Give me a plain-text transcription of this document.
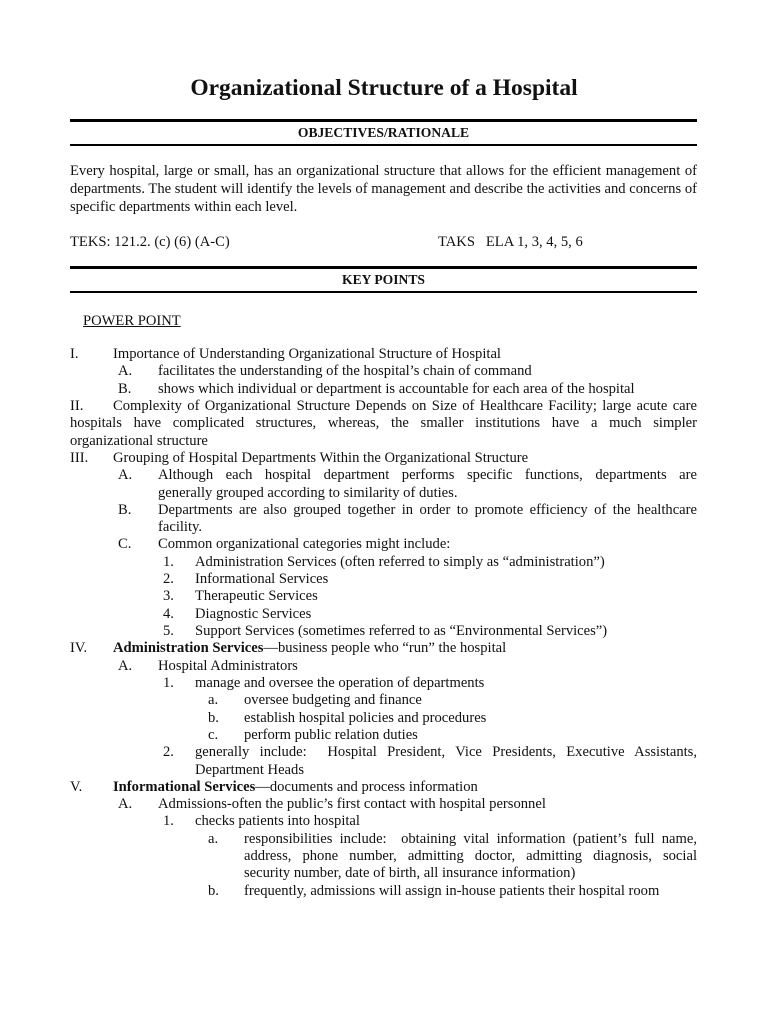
Organizational Structure of a Hospital
OBJECTIVES/RATIONALE

Every hospital, large or small, has an organizational structure that allows for the efficient management of departments. The student will identify the levels of management and describe the activities and concerns of specific departments within each level.

TEKS: 121.2. (c) (6) (A-C)	TAKS   ELA 1, 3, 4, 5, 6
KEY POINTS
POWER POINT
I. Importance of Understanding Organizational Structure of Hospital
A. facilitates the understanding of the hospital’s chain of command
B. shows which individual or department is accountable for each area of the hospital
II. Complexity of Organizational Structure Depends on Size of Healthcare Facility; large acute care
hospitals have complicated structures, whereas, the smaller institutions have a much simpler
organizational structure
III. Grouping of Hospital Departments Within the Organizational Structure
A. Although each hospital department performs specific functions, departments are
generally grouped according to similarity of duties.
B. Departments are also grouped together in order to promote efficiency of the healthcare
facility.
C. Common organizational categories might include:
1. Administration Services (often referred to simply as “administration”)
2. Informational Services
3. Therapeutic Services
4. Diagnostic Services
5. Support Services (sometimes referred to as “Environmental Services”)
IV. Administration Services—business people who “run” the hospital
A. Hospital Administrators
1. manage and oversee the operation of departments
a. oversee budgeting and finance
b. establish hospital policies and procedures
c. perform public relation duties
2. generally include:  Hospital President, Vice Presidents, Executive Assistants,
Department Heads
V. Informational Services—documents and process information
A. Admissions-often the public’s first contact with hospital personnel
1. checks patients into hospital
a. responsibilities include:  obtaining vital information (patient’s full name,
address, phone number, admitting doctor, admitting diagnosis, social
security number, date of birth, all insurance information)
b. frequently, admissions will assign in-house patients their hospital room
